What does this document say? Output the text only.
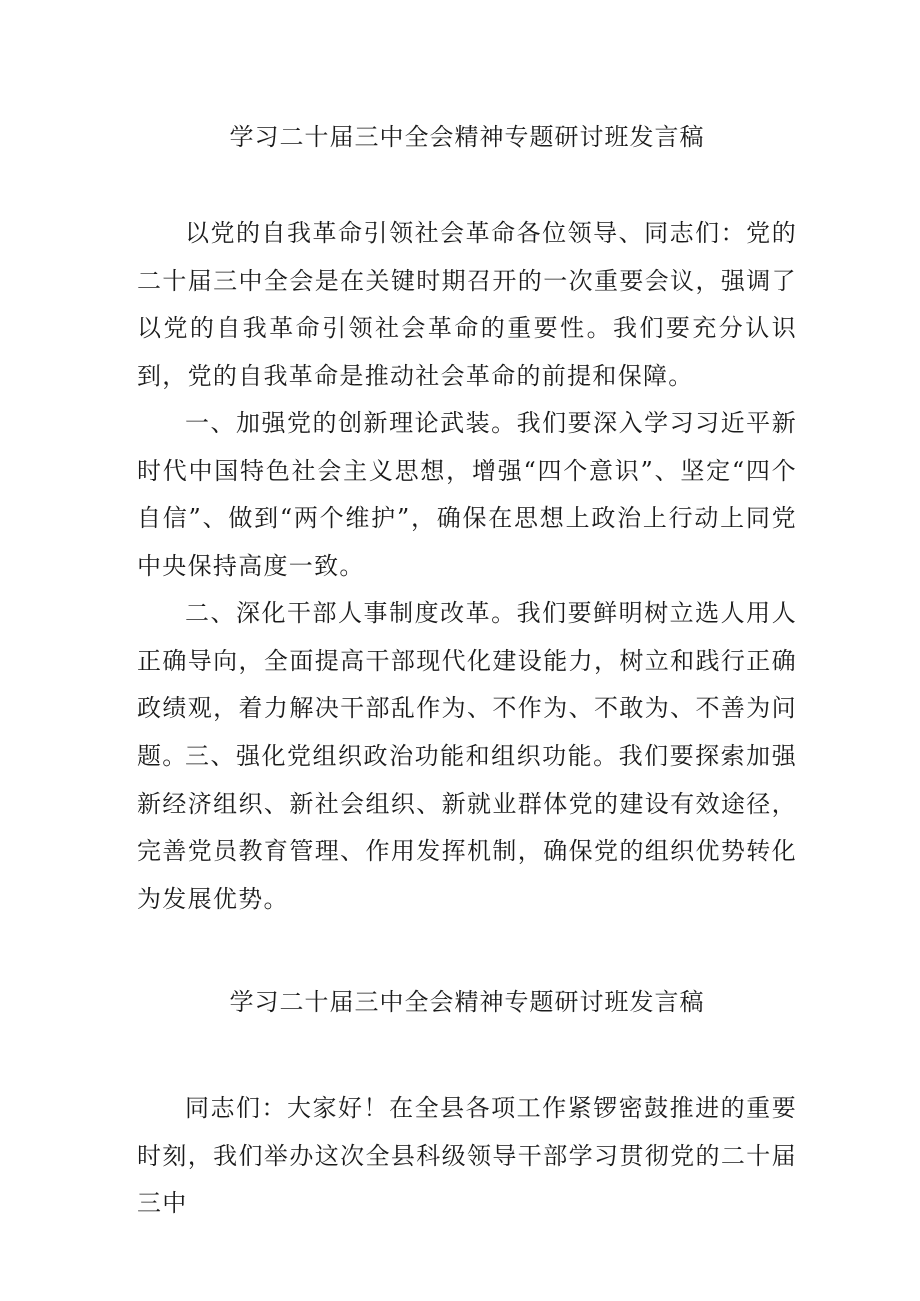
学习二十届三中全会精神专题研讨班发言稿

以党的自我革命引领社会革命各位领导、同志们：党的二十届三中全会是在关键时期召开的一次重要会议，强调了以党的自我革命引领社会革命的重要性。我们要充分认识到，党的自我革命是推动社会革命的前提和保障。

一、加强党的创新理论武装。我们要深入学习习近平新时代中国特色社会主义思想，增强“四个意识”、坚定“四个自信”、做到“两个维护”，确保在思想上政治上行动上同党中央保持高度一致。

二、深化干部人事制度改革。我们要鲜明树立选人用人正确导向，全面提高干部现代化建设能力，树立和践行正确政绩观，着力解决干部乱作为、不作为、不敢为、不善为问题。

三、强化党组织政治功能和组织功能。我们要探索加强新经济组织、新社会组织、新就业群体党的建设有效途径，完善党员教育管理、作用发挥机制，确保党的组织优势转化为发展优势。

学习二十届三中全会精神专题研讨班发言稿

同志们：大家好！在全县各项工作紧锣密鼓推进的重要时刻，我们举办这次全县科级领导干部学习贯彻党的二十届三中
